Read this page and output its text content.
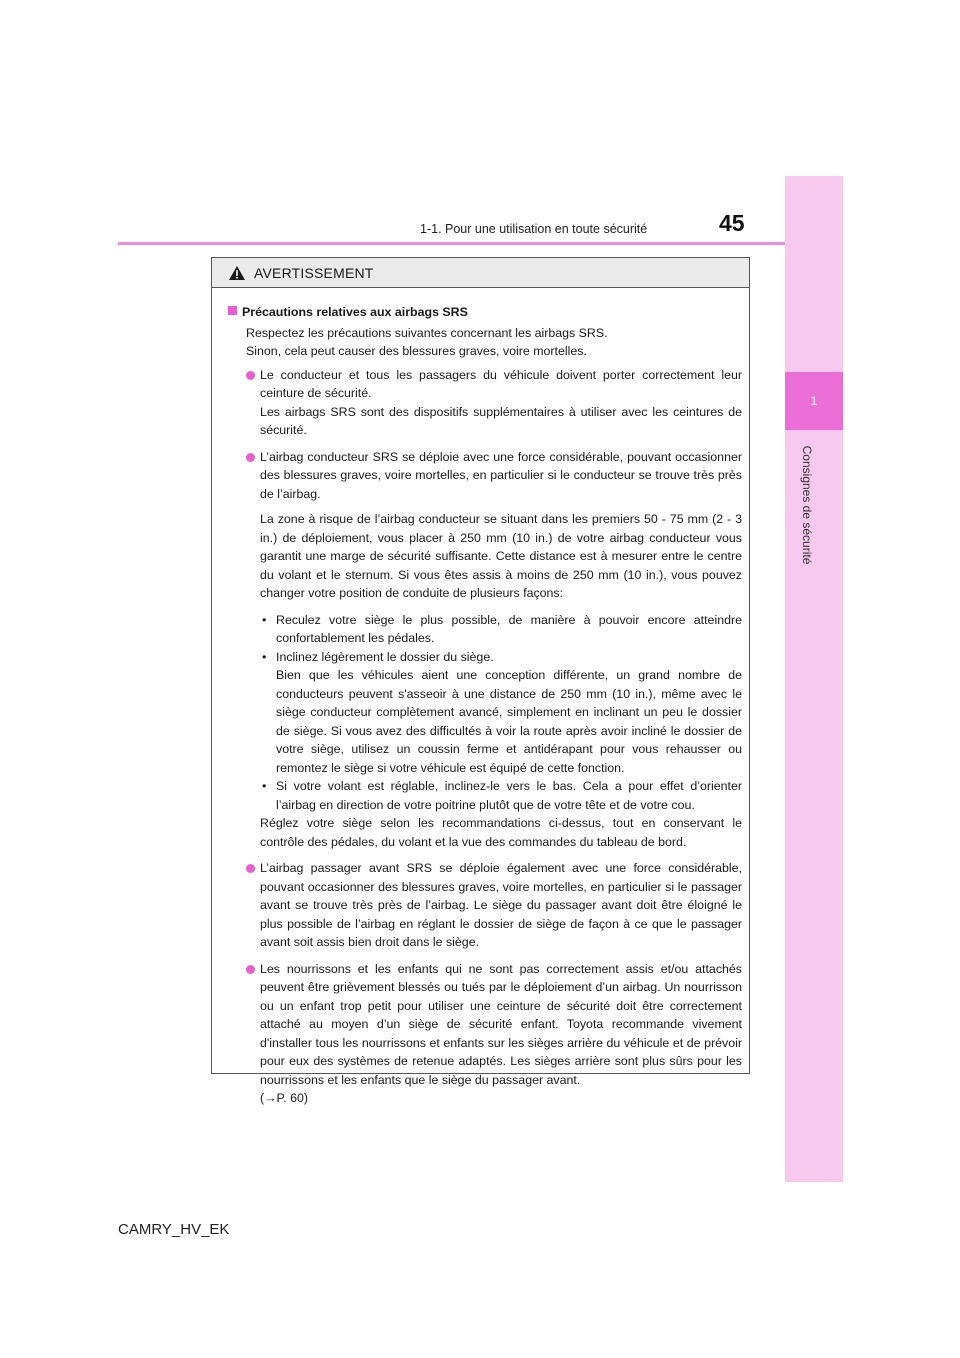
1
Consignes de sécurité
1-1. Pour une utilisation en toute sécurité	45
AVERTISSEMENT
Précautions relatives aux airbags SRS
Respectez les précautions suivantes concernant les airbags SRS.
Sinon, cela peut causer des blessures graves, voire mortelles.

Le conducteur et tous les passagers du véhicule doivent porter correctement leur ceinture de sécurité.

Les airbags SRS sont des dispositifs supplémentaires à utiliser avec les ceintures de sécurité.

L’airbag conducteur SRS se déploie avec une force considérable, pouvant occasionner des blessures graves, voire mortelles, en particulier si le conducteur se trouve très près de l’airbag.

La zone à risque de l’airbag conducteur se situant dans les premiers 50 - 75 mm (2 - 3 in.) de déploiement, vous placer à 250 mm (10 in.) de votre airbag conducteur vous garantit une marge de sécurité suffisante. Cette distance est à mesurer entre le centre du volant et le sternum. Si vous êtes assis à moins de 250 mm (10 in.), vous pouvez changer votre position de conduite de plusieurs façons:

• Reculez votre siège le plus possible, de manière à pouvoir encore atteindre confortablement les pédales.
• Inclinez légèrement le dossier du siège.
Bien que les véhicules aient une conception différente, un grand nombre de conducteurs peuvent s'asseoir à une distance de 250 mm (10 in.), même avec le siège conducteur complètement avancé, simplement en inclinant un peu le dossier de siège. Si vous avez des difficultés à voir la route après avoir incliné le dossier de votre siège, utilisez un coussin ferme et antidérapant pour vous rehausser ou remontez le siège si votre véhicule est équipé de cette fonction.
• Si votre volant est réglable, inclinez-le vers le bas. Cela a pour effet d’orienter l’airbag en direction de votre poitrine plutôt que de votre tête et de votre cou.

Réglez votre siège selon les recommandations ci-dessus, tout en conservant le contrôle des pédales, du volant et la vue des commandes du tableau de bord.

L’airbag passager avant SRS se déploie également avec une force considérable, pouvant occasionner des blessures graves, voire mortelles, en particulier si le passager avant se trouve très près de l’airbag. Le siège du passager avant doit être éloigné le plus possible de l’airbag en réglant le dossier de siège de façon à ce que le passager avant soit assis bien droit dans le siège.

Les nourrissons et les enfants qui ne sont pas correctement assis et/ou attachés peuvent être grièvement blessés ou tués par le déploiement d’un airbag. Un nourrisson ou un enfant trop petit pour utiliser une ceinture de sécurité doit être correctement attaché au moyen d’un siège de sécurité enfant. Toyota recommande vivement d'installer tous les nourrissons et enfants sur les sièges arrière du véhicule et de prévoir pour eux des systèmes de retenue adaptés. Les sièges arrière sont plus sûrs pour les nourrissons et les enfants que le siège du passager avant.

(→P. 60)

CAMRY_HV_EK
